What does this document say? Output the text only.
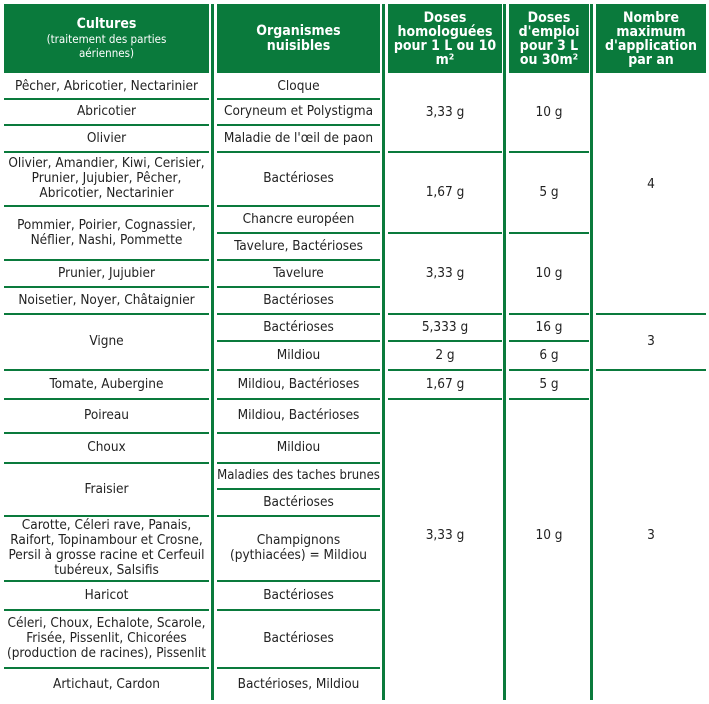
Cultures
(traitement des parties aériennes)
Organismes nuisibles
Doses homologuées pour 1 L ou 10 m²
Doses d'emploi pour 3 L ou 30m²
Nombre maximum d'application par an
Pêcher, Abricotier, Nectarinier
Abricotier
Olivier
Olivier, Amandier, Kiwi, Cerisier, Prunier, Jujubier, Pêcher, Abricotier, Nectarinier
Pommier, Poirier, Cognassier, Néflier, Nashi, Pommette
Prunier, Jujubier
Noisetier, Noyer, Châtaignier
Vigne
Tomate, Aubergine
Poireau
Choux
Fraisier
Carotte, Céleri rave, Panais, Raifort, Topinambour et Crosne, Persil à grosse racine et Cerfeuil tubéreux, Salsifis
Haricot
Céleri, Choux, Echalote, Scarole, Frisée, Pissenlit, Chicorées (production de racines), Pissenlit
Artichaut, Cardon
Cloque
Coryneum et Polystigma
Maladie de l'œil de paon
Bactérioses
Chancre européen
Tavelure, Bactérioses
Tavelure
Bactérioses
Bactérioses
Mildiou
Mildiou, Bactérioses
Mildiou, Bactérioses
Mildiou
Maladies des taches brunes
Bactérioses
Champignons (pythiacées) = Mildiou
Bactérioses
Bactérioses
Bactérioses, Mildiou
3,33 g
1,67 g
3,33 g
5,333 g
2 g
1,67 g
3,33 g
10 g
5 g
10 g
16 g
6 g
5 g
10 g
4
3
3
